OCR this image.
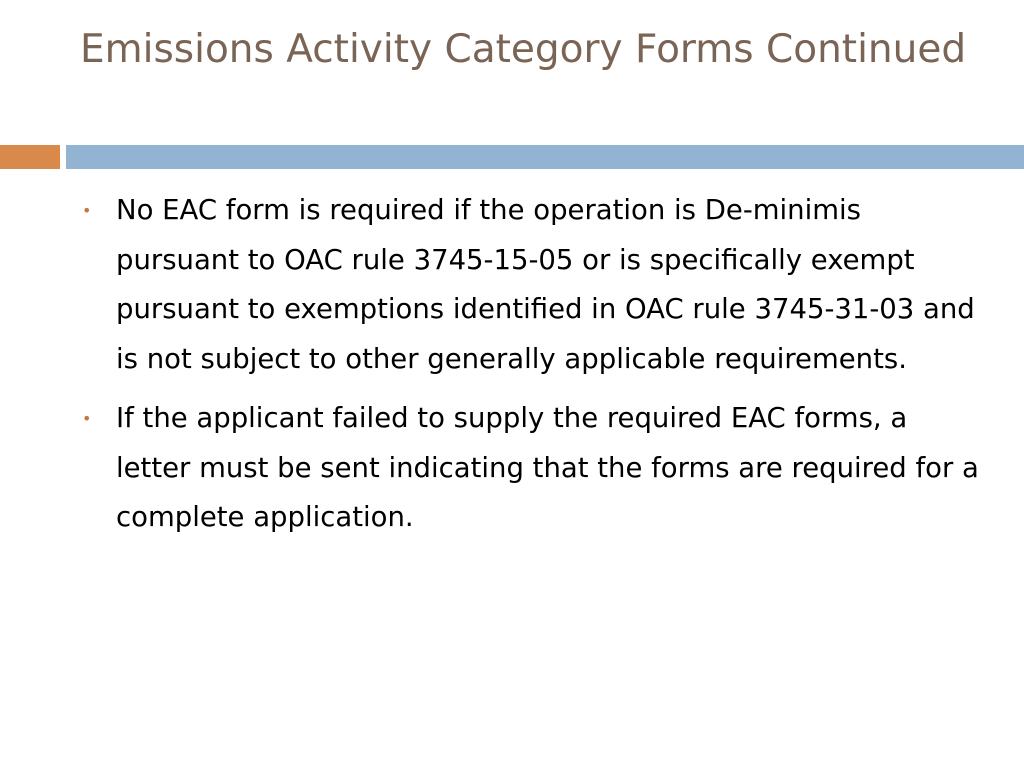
Emissions Activity Category Forms Continued
• No EAC form is required if the operation is De-minimis pursuant to OAC rule 3745-15-05 or is specifically exempt pursuant to exemptions identified in OAC rule 3745-31-03 and is not subject to other generally applicable requirements.
• If the applicant failed to supply the required EAC forms, a letter must be sent indicating that the forms are required for a complete application.
